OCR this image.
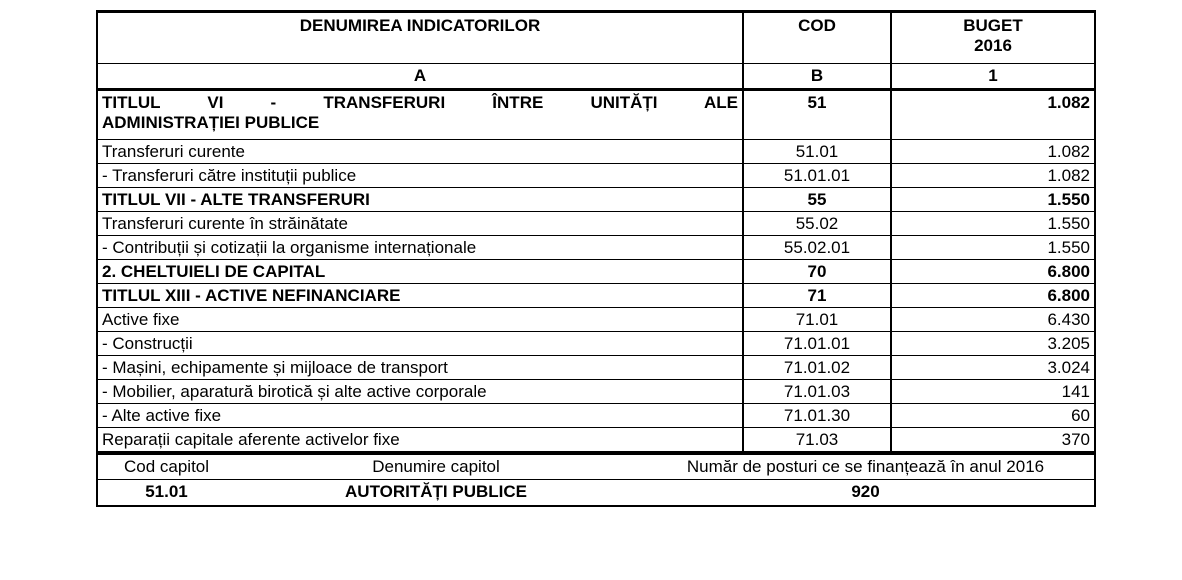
DENUMIREA INDICATORILOR	COD	BUGET
2016
A	B	1

TITLUL VI - TRANSFERURI ÎNTRE UNITĂȚI ALE
ADMINISTRAȚIEI PUBLICE	51	1.082
Transferuri curente	51.01	1.082
- Transferuri către instituții publice	51.01.01	1.082
TITLUL VII - ALTE TRANSFERURI	55	1.550
Transferuri curente în străinătate	55.02	1.550
- Contribuții și cotizații la organisme internaționale	55.02.01	1.550
2. CHELTUIELI DE CAPITAL	70	6.800
TITLUL XIII - ACTIVE NEFINANCIARE	71	6.800
Active fixe	71.01	6.430
- Construcții	71.01.01	3.205
- Mașini, echipamente și mijloace de transport	71.01.02	3.024
- Mobilier, aparatură birotică și alte active corporale	71.01.03	141
- Alte active fixe	71.01.30	60
Reparații capitale aferente activelor fixe	71.03	370
Cod capitol	Denumire capitol	Număr de posturi ce se finanțează în anul 2016
51.01	AUTORITĂȚI PUBLICE	920
